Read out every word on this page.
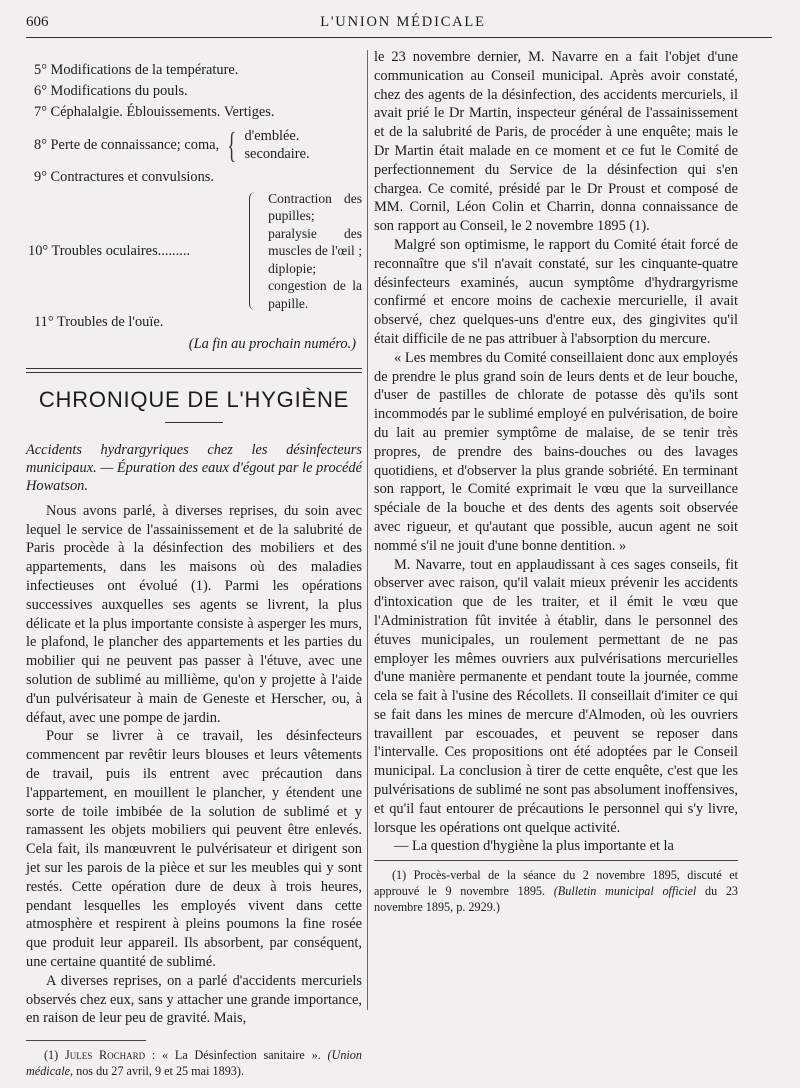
606	L'UNION MÉDICALE
5° Modifications de la température.
6° Modifications du pouls.
7° Céphalalgie. Éblouissements. Vertiges.
8° Perte de connaissance; coma, { d'emblée.
secondaire.
9° Contractures et convulsions.
10° Troubles oculaires.........
Contraction des pupilles; paralysie des muscles de l'œil ; diplopie; congestion de la papille.
11° Troubles de l'ouïe.
(La fin au prochain numéro.)
CHRONIQUE DE L'HYGIÈNE
Accidents hydrargyriques chez les désinfecteurs municipaux. — Épuration des eaux d'égout par le procédé Howatson.

Nous avons parlé, à diverses reprises, du soin avec lequel le service de l'assainissement et de la salubrité de Paris procède à la désinfection des mobiliers et des appartements, dans les maisons où des maladies infectieuses ont évolué (1). Parmi les opérations successives auxquelles ses agents se livrent, la plus délicate et la plus importante consiste à asperger les murs, le plafond, le plancher des appartements et les parties du mobilier qui ne peuvent pas passer à l'étuve, avec une solution de sublimé au millième, qu'on y projette à l'aide d'un pulvérisateur à main de Geneste et Herscher, ou, à défaut, avec une pompe de jardin.

Pour se livrer à ce travail, les désinfecteurs commencent par revêtir leurs blouses et leurs vêtements de travail, puis ils entrent avec précaution dans l'appartement, en mouillent le plancher, y étendent une sorte de toile imbibée de la solution de sublimé et y ramassent les objets mobiliers qui peuvent être enlevés. Cela fait, ils manœuvrent le pulvérisateur et dirigent son jet sur les parois de la pièce et sur les meubles qui y sont restés. Cette opération dure de deux à trois heures, pendant lesquelles les employés vivent dans cette atmosphère et respirent à pleins poumons la fine rosée que produit leur appareil. Ils absorbent, par conséquent, une certaine quantité de sublimé.

A diverses reprises, on a parlé d'accidents mercuriels observés chez eux, sans y attacher une grande importance, en raison de leur peu de gravité. Mais,

(1) Jules Rochard : « La Désinfection sanitaire ». (Union médicale, nos du 27 avril, 9 et 25 mai 1893).

le 23 novembre dernier, M. Navarre en a fait l'objet d'une communication au Conseil municipal. Après avoir constaté, chez des agents de la désinfection, des accidents mercuriels, il avait prié le Dr Martin, inspecteur général de l'assainissement et de la salubrité de Paris, de procéder à une enquête; mais le Dr Martin était malade en ce moment et ce fut le Comité de perfectionnement du Service de la désinfection qui s'en chargea. Ce comité, présidé par le Dr Proust et composé de MM. Cornil, Léon Colin et Charrin, donna connaissance de son rapport au Conseil, le 2 novembre 1895 (1).

Malgré son optimisme, le rapport du Comité était forcé de reconnaître que s'il n'avait constaté, sur les cinquante-quatre désinfecteurs examinés, aucun symptôme d'hydrargyrisme confirmé et encore moins de cachexie mercurielle, il avait observé, chez quelques-uns d'entre eux, des gingivites qu'il était difficile de ne pas attribuer à l'absorption du mercure.

« Les membres du Comité conseillaient donc aux employés de prendre le plus grand soin de leurs dents et de leur bouche, d'user de pastilles de chlorate de potasse dès qu'ils sont incommodés par le sublimé employé en pulvérisation, de boire du lait au premier symptôme de malaise, de se tenir très propres, de prendre des bains-douches ou des lavages quotidiens, et d'observer la plus grande sobriété. En terminant son rapport, le Comité exprimait le vœu que la surveillance spéciale de la bouche et des dents des agents soit observée avec rigueur, et qu'autant que possible, aucun agent ne soit nommé s'il ne jouit d'une bonne dentition. »

M. Navarre, tout en applaudissant à ces sages conseils, fit observer avec raison, qu'il valait mieux prévenir les accidents d'intoxication que de les traiter, et il émit le vœu que l'Administration fût invitée à établir, dans le personnel des étuves municipales, un roulement permettant de ne pas employer les mêmes ouvriers aux pulvérisations mercurielles d'une manière permanente et pendant toute la journée, comme cela se fait à l'usine des Récollets. Il conseillait d'imiter ce qui se fait dans les mines de mercure d'Almoden, où les ouvriers travaillent par escouades, et peuvent se reposer dans l'intervalle. Ces propositions ont été adoptées par le Conseil municipal. La conclusion à tirer de cette enquête, c'est que les pulvérisations de sublimé ne sont pas absolument inoffensives, et qu'il faut entourer de précautions le personnel qui s'y livre, lorsque les opérations ont quelque activité.

— La question d'hygiène la plus importante et la

(1) Procès-verbal de la séance du 2 novembre 1895, discuté et approuvé le 9 novembre 1895. (Bulletin municipal officiel du 23 novembre 1895, p. 2929.)
